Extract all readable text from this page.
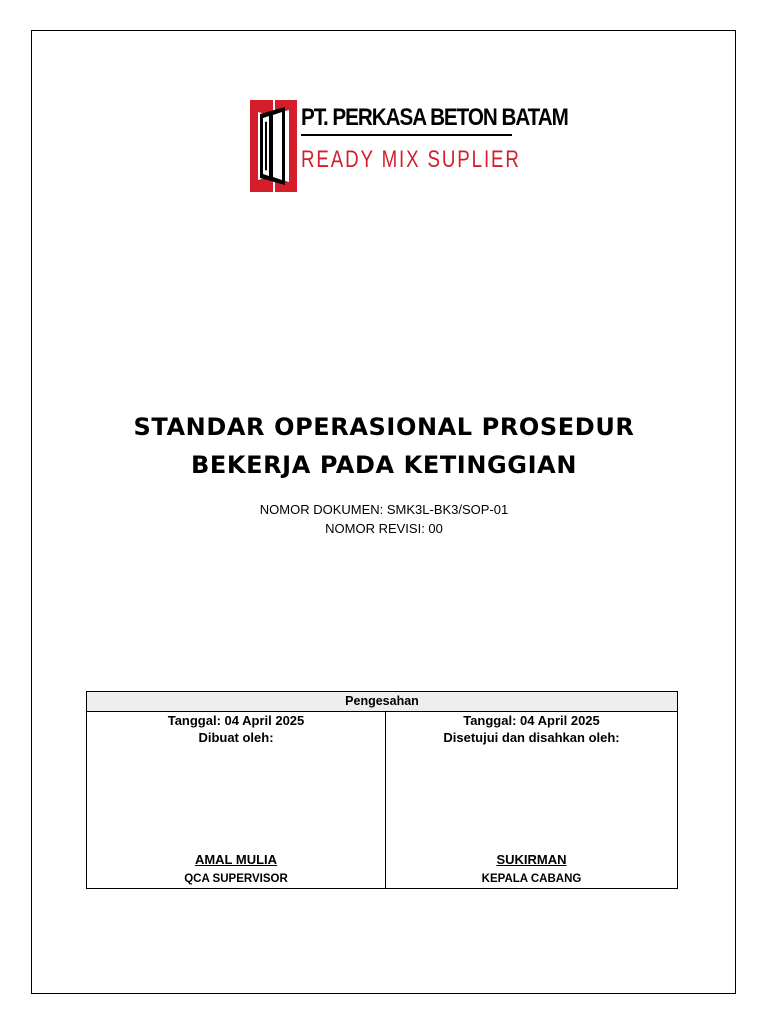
PT. PERKASA BETON BATAM
READY MIX SUPLIER
STANDAR OPERASIONAL PROSEDUR
BEKERJA PADA KETINGGIAN
NOMOR DOKUMEN: SMK3L-BK3/SOP-01
NOMOR REVISI: 00
Pengesahan
Tanggal: 04 April 2025
Dibuat oleh:
AMAL MULIA
QCA SUPERVISOR
Tanggal: 04 April 2025
Disetujui dan disahkan oleh:
SUKIRMAN
KEPALA CABANG
